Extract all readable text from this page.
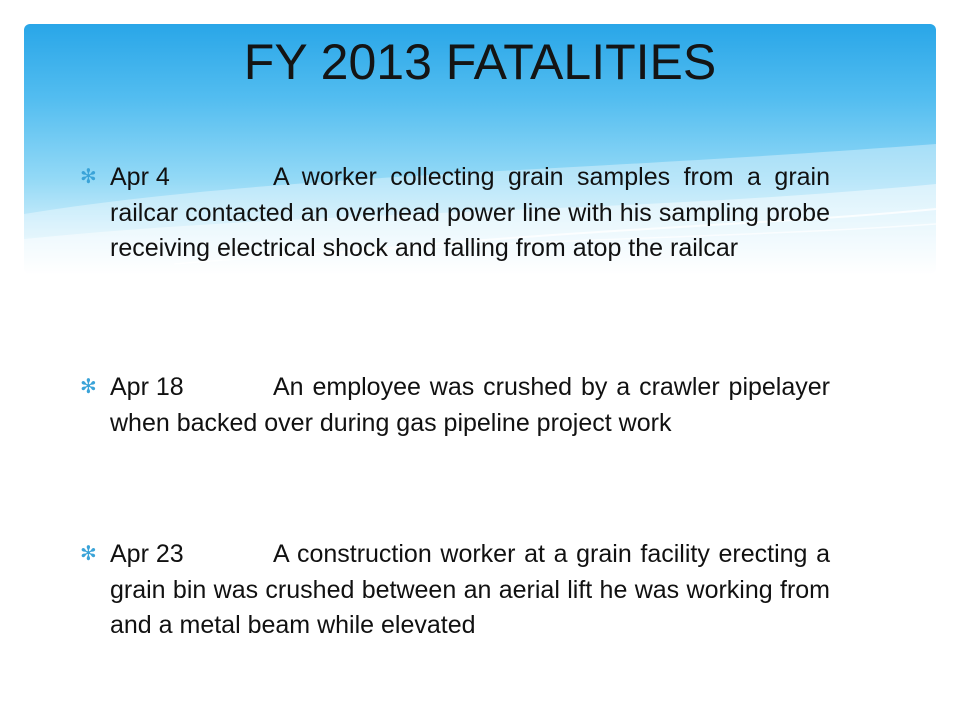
FY 2013 FATALITIES
✻ Apr 4	A worker collecting grain samples from a grain railcar contacted an overhead power line with his sampling probe receiving electrical shock and falling from atop the railcar
✻ Apr 18	An employee was crushed by a crawler pipelayer when backed over during gas pipeline project work
✻ Apr 23	A construction worker at a grain facility erecting a grain bin was crushed between an aerial lift he was working from and a metal beam while elevated
